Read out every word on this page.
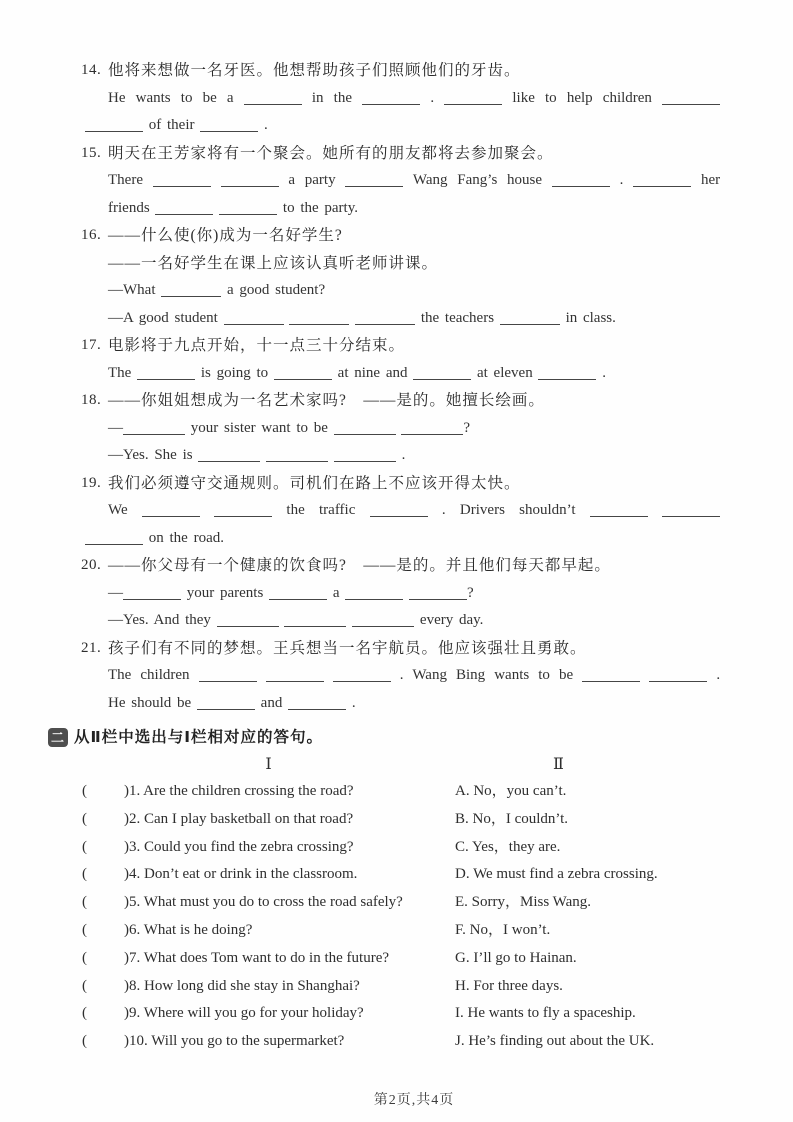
14. 他将来想做一名牙医。他想帮助孩子们照顾他们的牙齿。
He wants to be a	in the	.	like to help children
of their	.
15. 明天在王芳家将有一个聚会。她所有的朋友都将去参加聚会。
There	a party	Wang Fang’s house	.	her
friends	to the party.
16. ——什么使(你)成为一名好学生?
——一名好学生在课上应该认真听老师讲课。
—What	a good student?
—A good student	the teachers	in class.
17. 电影将于九点开始，十一点三十分结束。
The	is going to	at nine and	at eleven	.
18. ——你姐姐想成为一名艺术家吗?　——是的。她擅长绘画。
—	your sister want to be	?
—Yes. She is	.
19. 我们必须遵守交通规则。司机们在路上不应该开得太快。
We	the traffic	. Drivers shouldn’t
on the road.
20. ——你父母有一个健康的饮食吗?　——是的。并且他们每天都早起。
—	your parents	a	?
—Yes. And they	every day.
21. 孩子们有不同的梦想。王兵想当一名宇航员。他应该强壮且勇敢。
The children	. Wang Bing wants to be	.
He should be	and	.
二 从Ⅱ栏中选出与Ⅰ栏相对应的答句。
Ⅰ	Ⅱ
( )1. Are the children crossing the road?	A. No，you can’t.
( )2. Can I play basketball on that road?	B. No，I couldn’t.
( )3. Could you find the zebra crossing?	C. Yes，they are.
( )4. Don’t eat or drink in the classroom.	D. We must find a zebra crossing.
( )5. What must you do to cross the road safely?	E. Sorry，Miss Wang.
( )6. What is he doing?	F. No，I won’t.
( )7. What does Tom want to do in the future?	G. I’ll go to Hainan.
( )8. How long did she stay in Shanghai?	H. For three days.
( )9. Where will you go for your holiday?	I. He wants to fly a spaceship.
( )10. Will you go to the supermarket?	J. He’s finding out about the UK.
第2页,共4页
